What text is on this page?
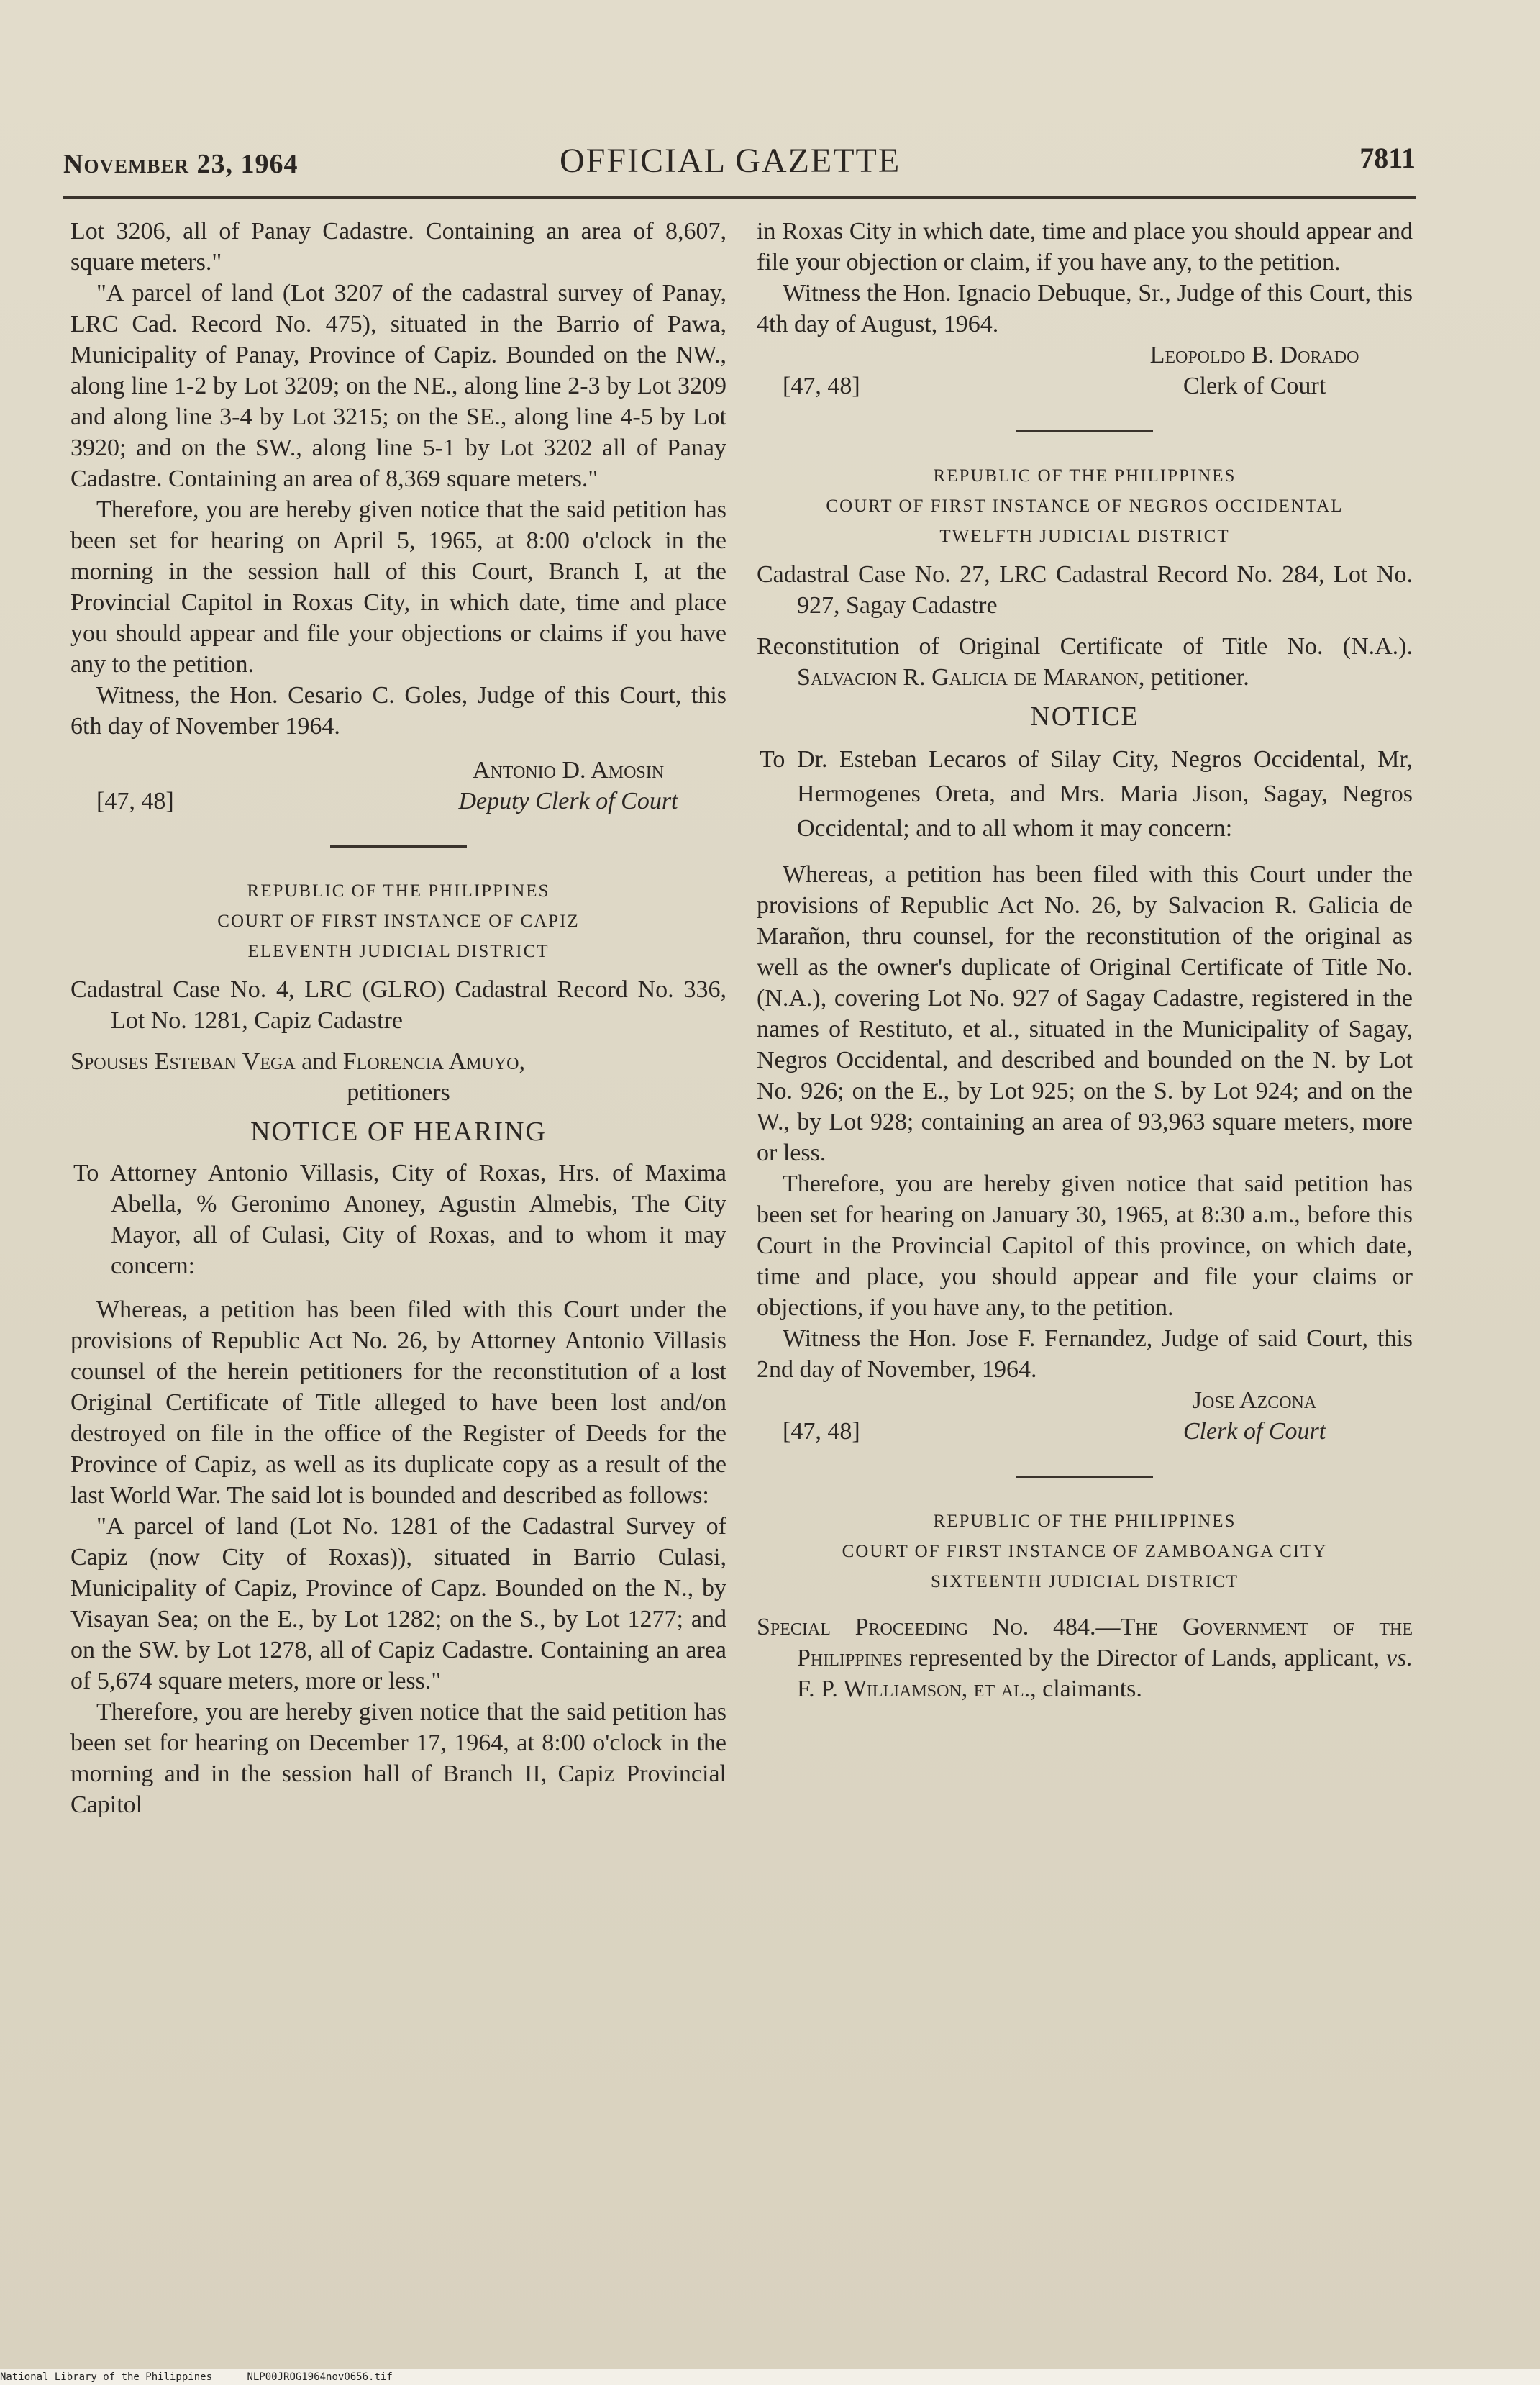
November 23, 1964	OFFICIAL GAZETTE	7811

Lot 3206, all of Panay Cadastre. Containing an area of 8,607, square meters."

"A parcel of land (Lot 3207 of the cadastral survey of Panay, LRC Cad. Record No. 475), situated in the Barrio of Pawa, Municipality of Panay, Province of Capiz. Bounded on the NW., along line 1-2 by Lot 3209; on the NE., along line 2-3 by Lot 3209 and along line 3-4 by Lot 3215; on the SE., along line 4-5 by Lot 3920; and on the SW., along line 5-1 by Lot 3202 all of Panay Cadastre. Containing an area of 8,369 square meters."

Therefore, you are hereby given notice that the said petition has been set for hearing on April 5, 1965, at 8:00 o'clock in the morning in the session hall of this Court, Branch I, at the Provincial Capitol in Roxas City, in which date, time and place you should appear and file your objections or claims if you have any to the petition.

Witness, the Hon. Cesario C. Goles, Judge of this Court, this 6th day of November 1964.

[47, 48]
Antonio D. Amosin
Deputy Clerk of Court
REPUBLIC OF THE PHILIPPINES
COURT OF FIRST INSTANCE OF CAPIZ
ELEVENTH JUDICIAL DISTRICT

Cadastral Case No. 4, LRC (GLRO) Cadastral Record No. 336, Lot No. 1281, Capiz Cadastre

Spouses Esteban Vega and Florencia Amuyo,

petitioners

NOTICE OF HEARING

To Attorney Antonio Villasis, City of Roxas, Hrs. of Maxima Abella, % Geronimo Anoney, Agustin Almebis, The City Mayor, all of Culasi, City of Roxas, and to whom it may concern:

Whereas, a petition has been filed with this Court under the provisions of Republic Act No. 26, by Attorney Antonio Villasis counsel of the herein petitioners for the reconstitution of a lost Original Certificate of Title alleged to have been lost and/on destroyed on file in the office of the Register of Deeds for the Province of Capiz, as well as its duplicate copy as a result of the last World War. The said lot is bounded and described as follows:

"A parcel of land (Lot No. 1281 of the Cadastral Survey of Capiz (now City of Roxas)), situated in Barrio Culasi, Municipality of Capiz, Province of Capz. Bounded on the N., by Visayan Sea; on the E., by Lot 1282; on the S., by Lot 1277; and on the SW. by Lot 1278, all of Capiz Cadastre. Containing an area of 5,674 square meters, more or less."

Therefore, you are hereby given notice that the said petition has been set for hearing on December 17, 1964, at 8:00 o'clock in the morning and in the session hall of Branch II, Capiz Provincial Capitol

in Roxas City in which date, time and place you should appear and file your objection or claim, if you have any, to the petition.

Witness the Hon. Ignacio Debuque, Sr., Judge of this Court, this 4th day of August, 1964.

[47, 48]
Leopoldo B. Dorado
Clerk of Court
REPUBLIC OF THE PHILIPPINES
COURT OF FIRST INSTANCE OF NEGROS OCCIDENTAL
TWELFTH JUDICIAL DISTRICT

Cadastral Case No. 27, LRC Cadastral Record No. 284, Lot No. 927, Sagay Cadastre

Reconstitution of Original Certificate of Title No. (N.A.). Salvacion R. Galicia de Maranon, petitioner.

NOTICE

To Dr. Esteban Lecaros of Silay City, Negros Occidental, Mr, Hermogenes Oreta, and Mrs. Maria Jison, Sagay, Negros Occidental; and to all whom it may concern:

Whereas, a petition has been filed with this Court under the provisions of Republic Act No. 26, by Salvacion R. Galicia de Marañon, thru counsel, for the reconstitution of the original as well as the owner's duplicate of Original Certificate of Title No. (N.A.), covering Lot No. 927 of Sagay Cadastre, registered in the names of Restituto, et al., situated in the Municipality of Sagay, Negros Occidental, and described and bounded on the N. by Lot No. 926; on the E., by Lot 925; on the S. by Lot 924; and on the W., by Lot 928; containing an area of 93,963 square meters, more or less.

Therefore, you are hereby given notice that said petition has been set for hearing on January 30, 1965, at 8:30 a.m., before this Court in the Provincial Capitol of this province, on which date, time and place, you should appear and file your claims or objections, if you have any, to the petition.

Witness the Hon. Jose F. Fernandez, Judge of said Court, this 2nd day of November, 1964.

[47, 48]
Jose Azcona
Clerk of Court
REPUBLIC OF THE PHILIPPINES
COURT OF FIRST INSTANCE OF ZAMBOANGA CITY
SIXTEENTH JUDICIAL DISTRICT

Special Proceeding No. 484.—The Government of the Philippines represented by the Director of Lands, applicant, vs. F. P. Williamson, et al., claimants.

National Library of the Philippines	NLP00JROG1964nov0656.tif
